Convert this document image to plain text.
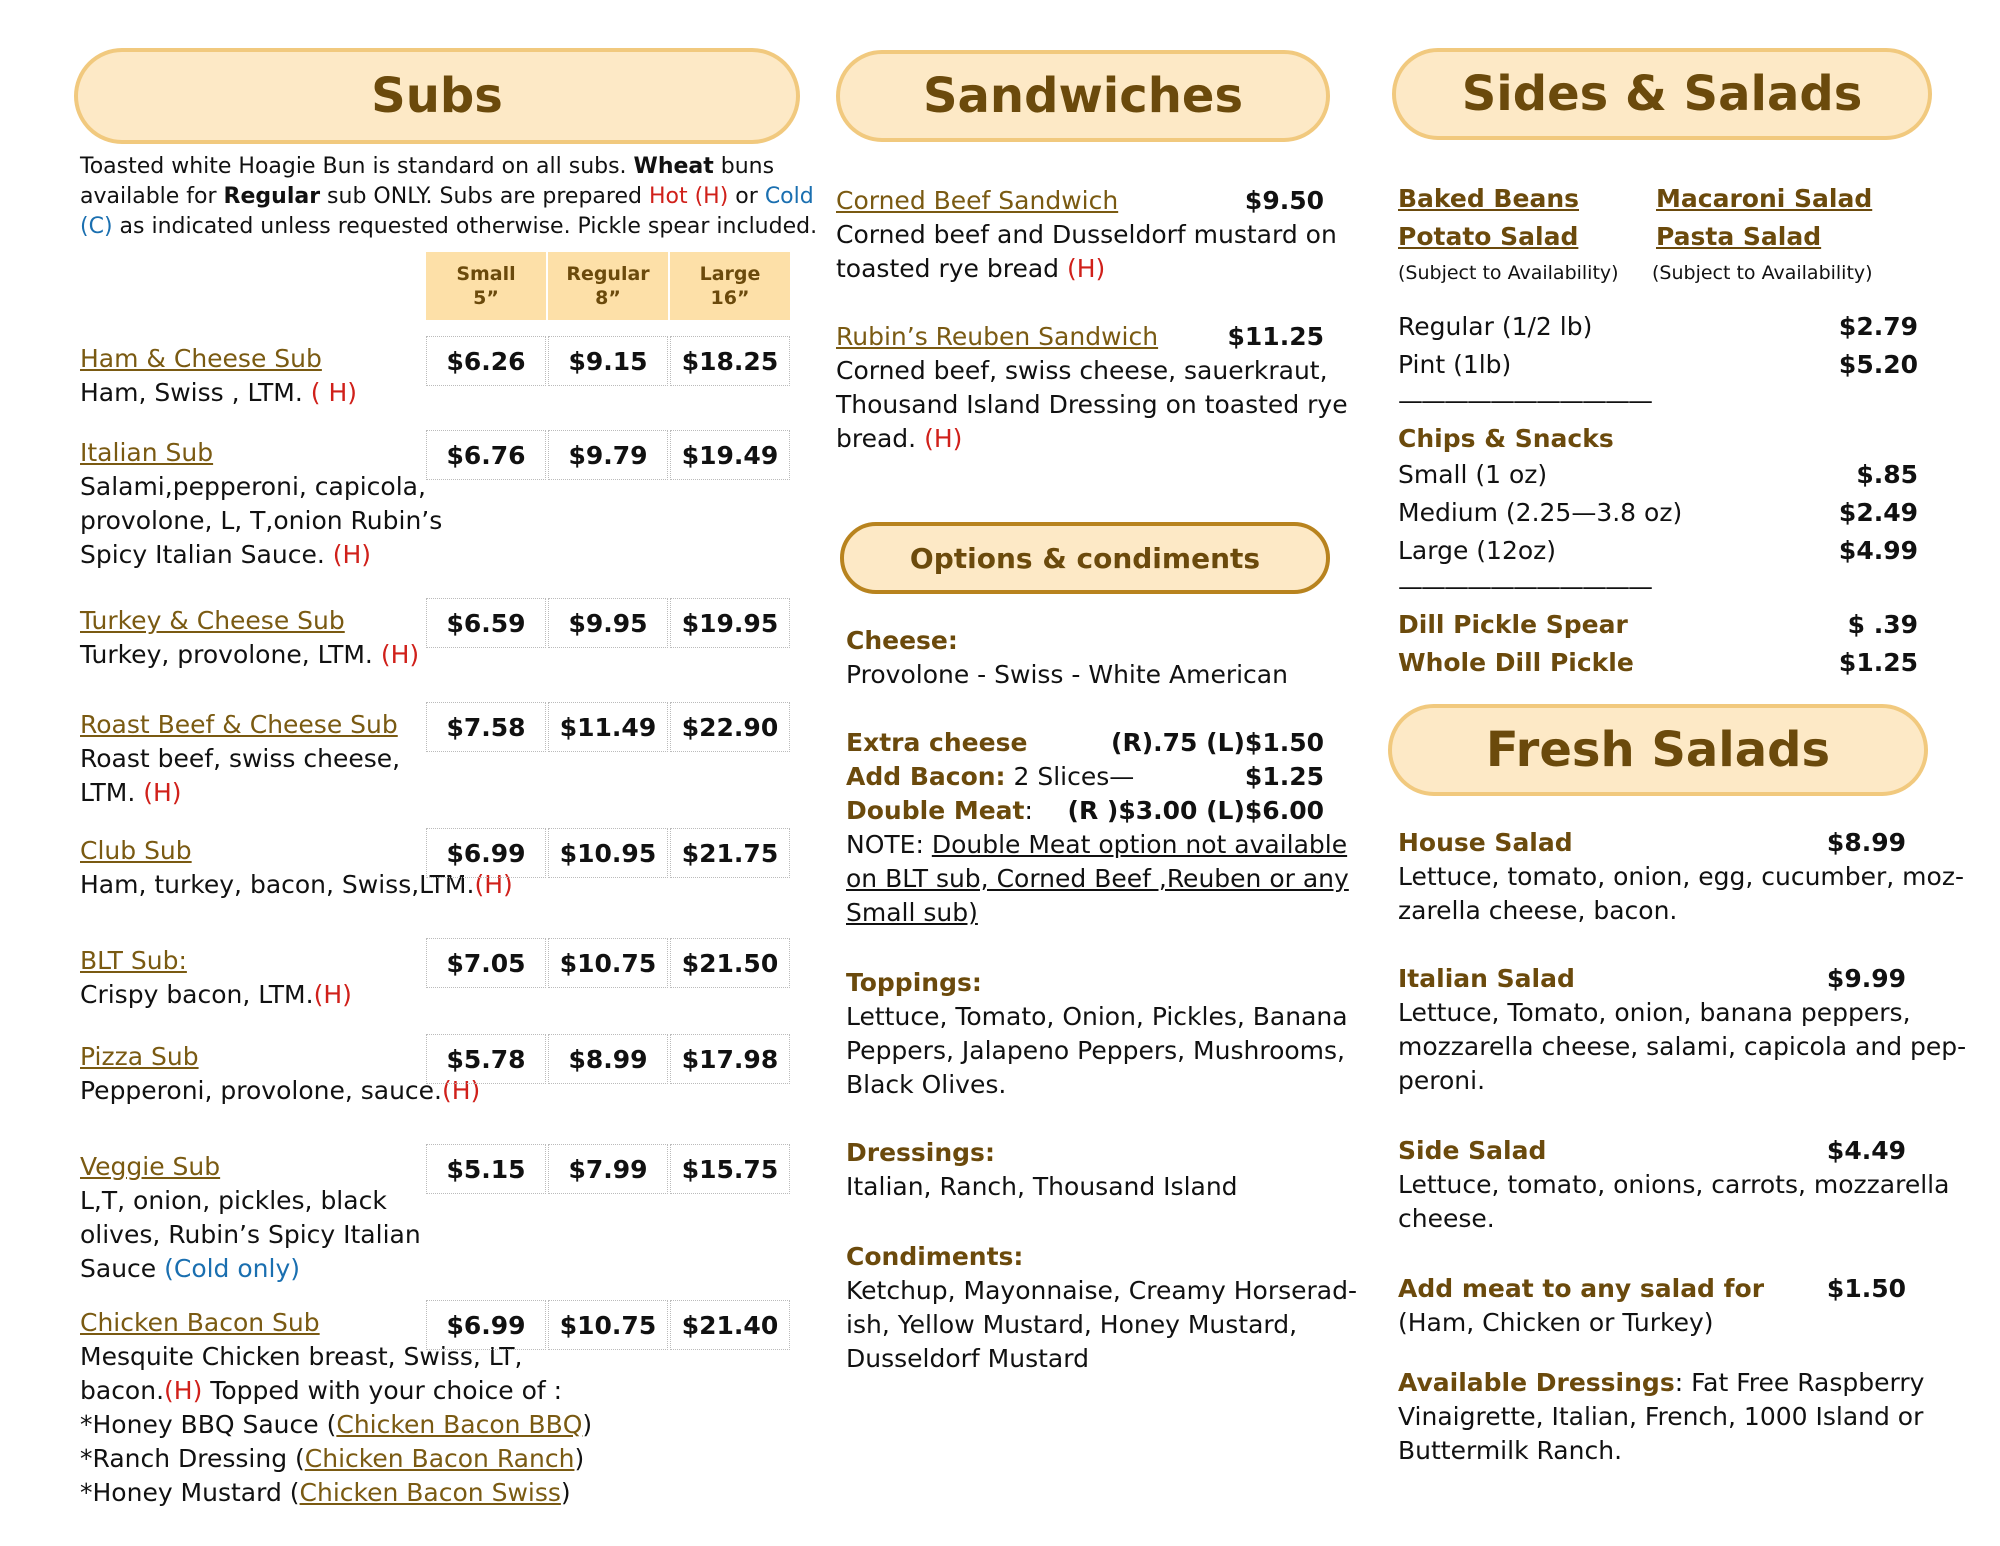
Subs
Toasted white Hoagie Bun is standard on all subs. Wheat buns
available for Regular sub ONLY. Subs are prepared Hot (H) or Cold
(C) as indicated unless requested otherwise. Pickle spear included.
Small
5”
Regular
8”
Large
16”
Ham & Cheese Sub
Ham, Swiss , LTM. ( H)
$6.26	$9.15	$18.25
Italian Sub
Salami,pepperoni, capicola,
provolone, L, T,onion Rubin’s
Spicy Italian Sauce. (H)
$6.76	$9.79	$19.49
Turkey & Cheese Sub
Turkey, provolone, LTM. (H)
$6.59	$9.95	$19.95
Roast Beef & Cheese Sub
Roast beef, swiss cheese,
LTM. (H)
$7.58	$11.49	$22.90
Club Sub
Ham, turkey, bacon, Swiss,LTM.(H)
$6.99	$10.95	$21.75
BLT Sub:
Crispy bacon, LTM.(H)
$7.05	$10.75	$21.50
Pizza Sub
Pepperoni, provolone, sauce.(H)
$5.78	$8.99	$17.98
Veggie Sub
L,T, onion, pickles, black
olives, Rubin’s Spicy Italian
Sauce (Cold only)
$5.15	$7.99	$15.75
Chicken Bacon Sub
Mesquite Chicken breast, Swiss, LT,
bacon.(H) Topped with your choice of :
*Honey BBQ Sauce (Chicken Bacon BBQ)
*Ranch Dressing (Chicken Bacon Ranch)
*Honey Mustard (Chicken Bacon Swiss)
$6.99	$10.75	$21.40
Sandwiches
Corned Beef Sandwich	$9.50
Corned beef and Dusseldorf mustard on
toasted rye bread (H)
Rubin’s Reuben Sandwich	$11.25
Corned beef, swiss cheese, sauerkraut,
Thousand Island Dressing on toasted rye
bread. (H)
Options & condiments
Cheese:
Provolone - Swiss - White American
Extra cheese	(R).75 (L)$1.50
Add Bacon: 2 Slices—	$1.25
Double Meat: (R )$3.00 (L)$6.00
NOTE: Double Meat option not available
on BLT sub, Corned Beef ,Reuben or any
Small sub)
Toppings:
Lettuce, Tomato, Onion, Pickles, Banana
Peppers, Jalapeno Peppers, Mushrooms,
Black Olives.
Dressings:
Italian, Ranch, Thousand Island
Condiments:
Ketchup, Mayonnaise, Creamy Horserad-
ish, Yellow Mustard, Honey Mustard,
Dusseldorf Mustard
Sides & Salads
Baked Beans
Potato Salad
(Subject to Availability)
Macaroni Salad
Pasta Salad
(Subject to Availability)
Regular (1/2 lb)	$2.79
Pint (1lb)	$5.20
———————————
Chips & Snacks
Small (1 oz)	$.85
Medium (2.25—3.8 oz)	$2.49
Large (12oz)	$4.99
———————————
Dill Pickle Spear	$ .39
Whole Dill Pickle	$1.25
Fresh Salads
House Salad	$8.99
Lettuce, tomato, onion, egg, cucumber, moz-
zarella cheese, bacon.
Italian Salad	$9.99
Lettuce, Tomato, onion, banana peppers,
mozzarella cheese, salami, capicola and pep-
peroni.
Side Salad	$4.49
Lettuce, tomato, onions, carrots, mozzarella
cheese.
Add meat to any salad for	$1.50
(Ham, Chicken or Turkey)
Available Dressings: Fat Free Raspberry
Vinaigrette, Italian, French, 1000 Island or
Buttermilk Ranch.
